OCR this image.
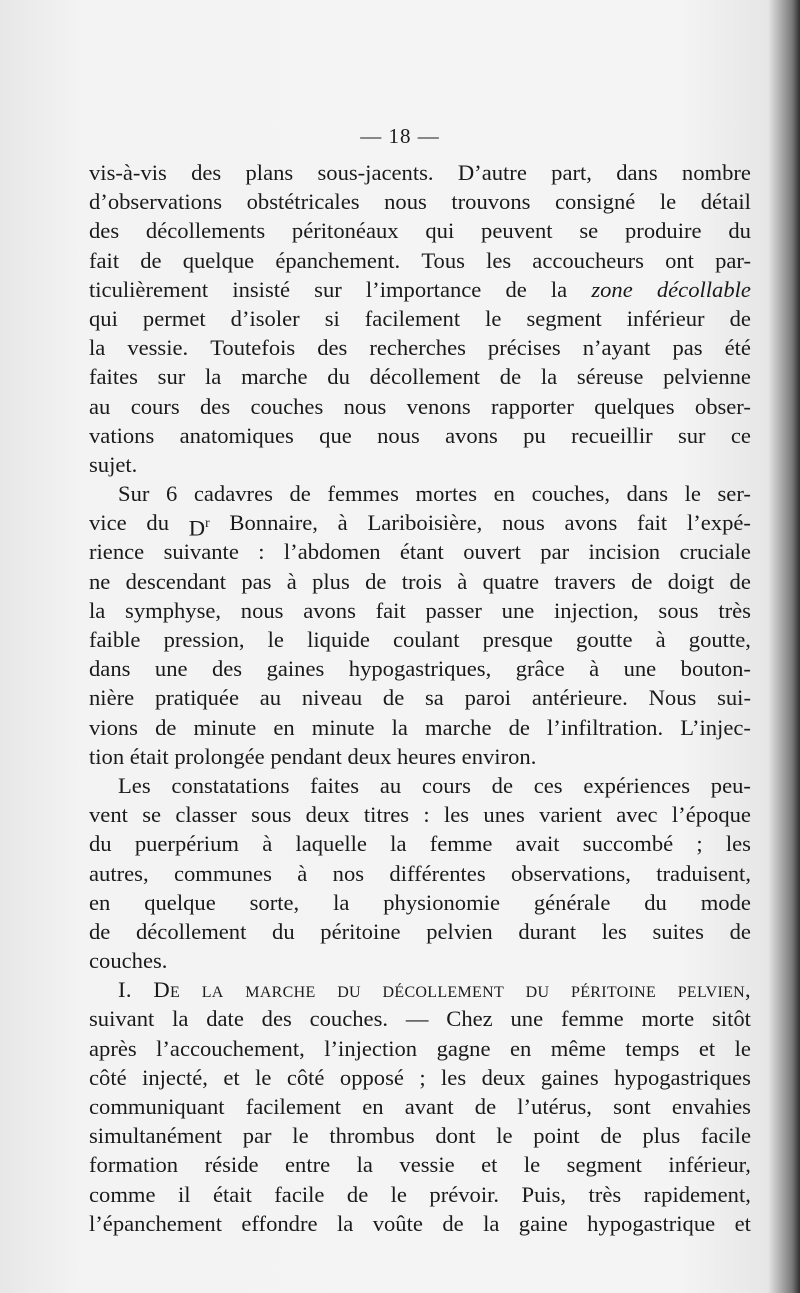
— 18 —
vis-à-vis des plans sous-jacents. D’autre part, dans nombre
d’observations obstétricales nous trouvons consigné le détail
des décollements péritonéaux qui peuvent se produire du
fait de quelque épanchement. Tous les accoucheurs ont par-
ticulièrement insisté sur l’importance de la zone décollable
qui permet d’isoler si facilement le segment inférieur de
la vessie. Toutefois des recherches précises n’ayant pas été
faites sur la marche du décollement de la séreuse pelvienne
au cours des couches nous venons rapporter quelques obser-
vations anatomiques que nous avons pu recueillir sur ce
sujet.
Sur 6 cadavres de femmes mortes en couches, dans le ser-
vice du $D^r$ Bonnaire, à Lariboisière, nous avons fait l’expé-
rience suivante : l’abdomen étant ouvert par incision cruciale
ne descendant pas à plus de trois à quatre travers de doigt de
la symphyse, nous avons fait passer une injection, sous très
faible pression, le liquide coulant presque goutte à goutte,
dans une des gaines hypogastriques, grâce à une bouton-
nière pratiquée au niveau de sa paroi antérieure. Nous sui-
vions de minute en minute la marche de l’infiltration. L’injec-
tion était prolongée pendant deux heures environ.
Les constatations faites au cours de ces expériences peu-
vent se classer sous deux titres : les unes varient avec l’époque
du puerpérium à laquelle la femme avait succombé ; les
autres, communes à nos différentes observations, traduisent,
en quelque sorte, la physionomie générale du mode
de décollement du péritoine pelvien durant les suites de
couches.
I. De la marche du décollement du péritoine pelvien,
suivant la date des couches. — Chez une femme morte sitôt
après l’accouchement, l’injection gagne en même temps et le
côté injecté, et le côté opposé ; les deux gaines hypogastriques
communiquant facilement en avant de l’utérus, sont envahies
simultanément par le thrombus dont le point de plus facile
formation réside entre la vessie et le segment inférieur,
comme il était facile de le prévoir. Puis, très rapidement,
l’épanchement effondre la voûte de la gaine hypogastrique et
